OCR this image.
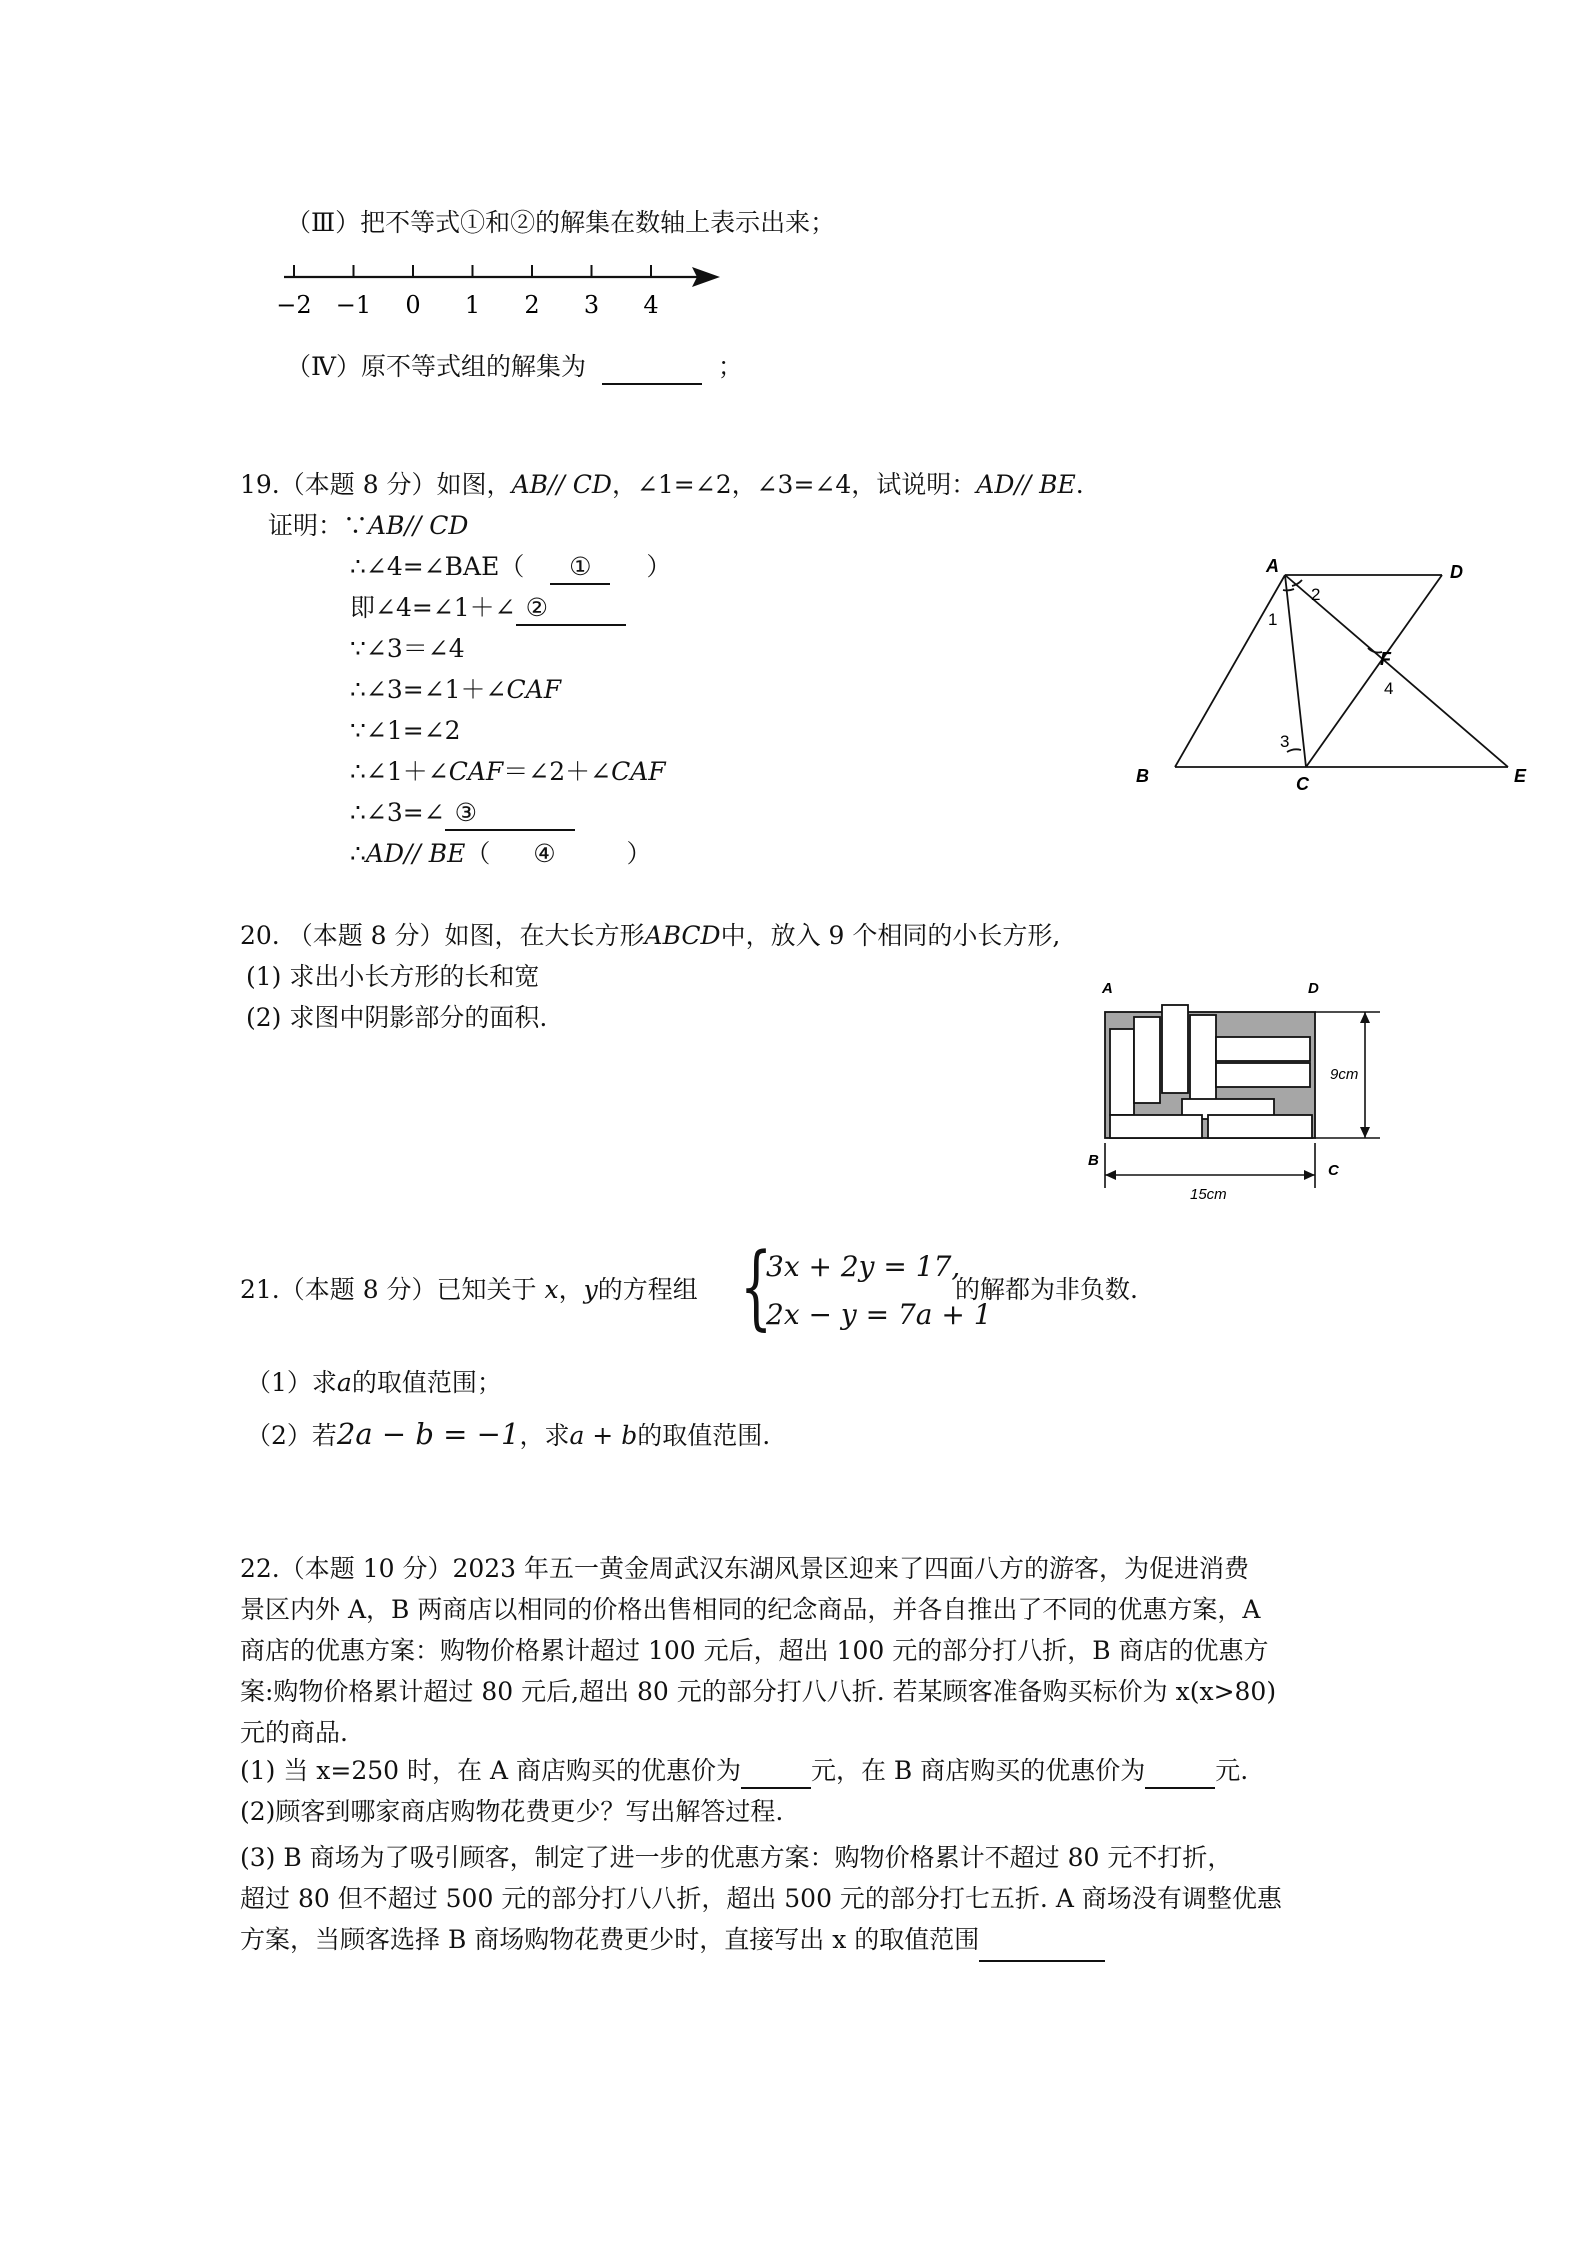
（Ⅲ）把不等式①和②的解集在数轴上表示出来；
−2 −1 0 1 2 3 4
（Ⅳ）原不等式组的解集为	；
19.（本题 8 分）如图，AB// CD，∠1=∠2，∠3=∠4，试说明：AD// BE.
证明：∵AB// CD
∴∠4=∠BAE（ ① ）
即∠4=∠1＋∠ ②
∵∠3＝∠4
∴∠3=∠1＋∠CAF
∵∠1=∠2
∴∠1＋∠CAF＝∠2＋∠CAF
∴∠3=∠ ③
∴AD// BE（ ④	）
A	D
F
B	C	E
1
2
3
4
20. （本题 8 分）如图，在大长方形ABCD中，放入 9 个相同的小长方形,
(1) 求出小长方形的长和宽
(2) 求图中阴影部分的面积.
A	D
B
C
9cm
15cm
21.（本题 8 分）已知关于 x，y的方程组 {
3x + 2y = 17,
2x − y = 7a + 1
的解都为非负数.
（1）求a的取值范围；
（2）若2a − b = −1，求a + b的取值范围.
22.（本题 10 分）2023 年五一黄金周武汉东湖风景区迎来了四面八方的游客，为促进消费
景区内外 A，B 两商店以相同的价格出售相同的纪念商品，并各自推出了不同的优惠方案，A
商店的优惠方案：购物价格累计超过 100 元后，超出 100 元的部分打八折，B 商店的优惠方
案:购物价格累计超过 80 元后,超出 80 元的部分打八八折. 若某顾客准备购买标价为 x(x>80)
元的商品.
(1) 当 x=250 时，在 A 商店购买的优惠价为	元，在 B 商店购买的优惠价为	元.
(2)顾客到哪家商店购物花费更少？写出解答过程.
(3) B 商场为了吸引顾客，制定了进一步的优惠方案：购物价格累计不超过 80 元不打折，
超过 80 但不超过 500 元的部分打八八折，超出 500 元的部分打七五折. A 商场没有调整优惠
方案，当顾客选择 B 商场购物花费更少时，直接写出 x 的取值范围
